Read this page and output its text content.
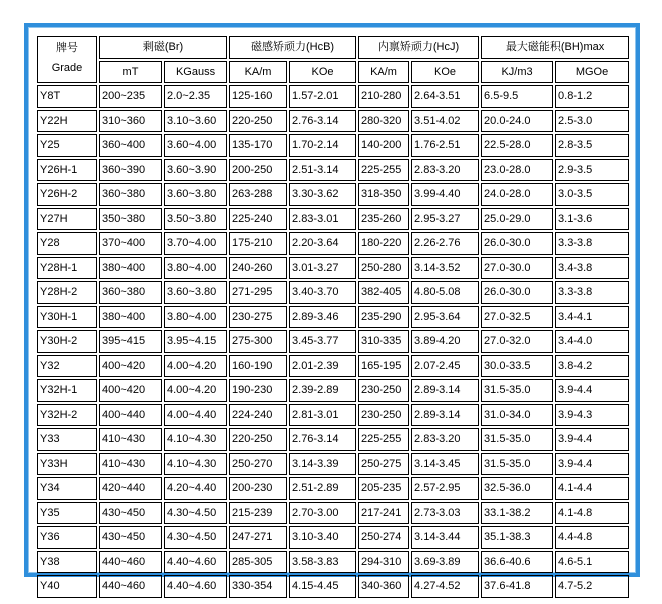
牌号
Grade	剩磁(Br)		磁感矫顽力(HcB)		内禀矫顽力(HcJ)		最大磁能积(BH)max	
	mT	KGauss	KA/m	KOe	KA/m	KOe	KJ/m3	MGOe
Y8T	200~235	2.0~2.35	125-160	1.57-2.01	210-280	2.64-3.51	6.5-9.5	0.8-1.2
Y22H	310~360	3.10~3.60	220-250	2.76-3.14	280-320	3.51-4.02	20.0-24.0	2.5-3.0
Y25	360~400	3.60~4.00	135-170	1.70-2.14	140-200	1.76-2.51	22.5-28.0	2.8-3.5
Y26H-1	360~390	3.60~3.90	200-250	2.51-3.14	225-255	2.83-3.20	23.0-28.0	2.9-3.5
Y26H-2	360~380	3.60~3.80	263-288	3.30-3.62	318-350	3.99-4.40	24.0-28.0	3.0-3.5
Y27H	350~380	3.50~3.80	225-240	2.83-3.01	235-260	2.95-3.27	25.0-29.0	3.1-3.6
Y28	370~400	3.70~4.00	175-210	2.20-3.64	180-220	2.26-2.76	26.0-30.0	3.3-3.8
Y28H-1	380~400	3.80~4.00	240-260	3.01-3.27	250-280	3.14-3.52	27.0-30.0	3.4-3.8
Y28H-2	360~380	3.60~3.80	271-295	3.40-3.70	382-405	4.80-5.08	26.0-30.0	3.3-3.8
Y30H-1	380~400	3.80~4.00	230-275	2.89-3.46	235-290	2.95-3.64	27.0-32.5	3.4-4.1
Y30H-2	395~415	3.95~4.15	275-300	3.45-3.77	310-335	3.89-4.20	27.0-32.0	3.4-4.0
Y32	400~420	4.00~4.20	160-190	2.01-2.39	165-195	2.07-2.45	30.0-33.5	3.8-4.2
Y32H-1	400~420	4.00~4.20	190-230	2.39-2.89	230-250	2.89-3.14	31.5-35.0	3.9-4.4
Y32H-2	400~440	4.00~4.40	224-240	2.81-3.01	230-250	2.89-3.14	31.0-34.0	3.9-4.3
Y33	410~430	4.10~4.30	220-250	2.76-3.14	225-255	2.83-3.20	31.5-35.0	3.9-4.4
Y33H	410~430	4.10~4.30	250-270	3.14-3.39	250-275	3.14-3.45	31.5-35.0	3.9-4.4
Y34	420~440	4.20~4.40	200-230	2.51-2.89	205-235	2.57-2.95	32.5-36.0	4.1-4.4
Y35	430~450	4.30~4.50	215-239	2.70-3.00	217-241	2.73-3.03	33.1-38.2	4.1-4.8
Y36	430~450	4.30~4.50	247-271	3.10-3.40	250-274	3.14-3.44	35.1-38.3	4.4-4.8
Y38	440~460	4.40~4.60	285-305	3.58-3.83	294-310	3.69-3.89	36.6-40.6	4.6-5.1
Y40	440~460	4.40~4.60	330-354	4.15-4.45	340-360	4.27-4.52	37.6-41.8	4.7-5.2
